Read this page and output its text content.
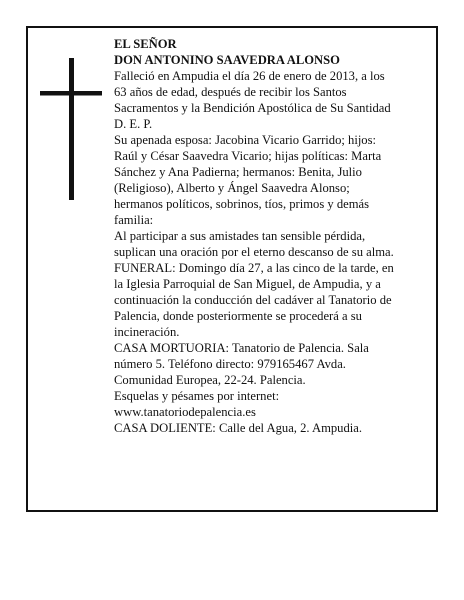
EL SEÑOR
DON ANTONINO SAAVEDRA ALONSO
Falleció en Ampudia el día 26 de enero de 2013, a los
63 años de edad, después de recibir los Santos
Sacramentos y la Bendición Apostólica de Su Santidad
D. E. P.
Su apenada esposa: Jacobina Vicario Garrido; hijos:
Raúl y César Saavedra Vicario; hijas políticas: Marta
Sánchez y Ana Padierna; hermanos: Benita, Julio
(Religioso), Alberto y Ángel Saavedra Alonso;
hermanos políticos, sobrinos, tíos, primos y demás
familia:
Al participar a sus amistades tan sensible pérdida,
suplican una oración por el eterno descanso de su alma.
FUNERAL: Domingo día 27, a las cinco de la tarde, en
la Iglesia Parroquial de San Miguel, de Ampudia, y a
continuación la conducción del cadáver al Tanatorio de
Palencia, donde posteriormente se procederá a su
incineración.
CASA MORTUORIA: Tanatorio de Palencia. Sala
número 5. Teléfono directo: 979165467 Avda.
Comunidad Europea, 22-24. Palencia.
Esquelas y pésames por internet:
www.tanatoriodepalencia.es
CASA DOLIENTE: Calle del Agua, 2. Ampudia.
